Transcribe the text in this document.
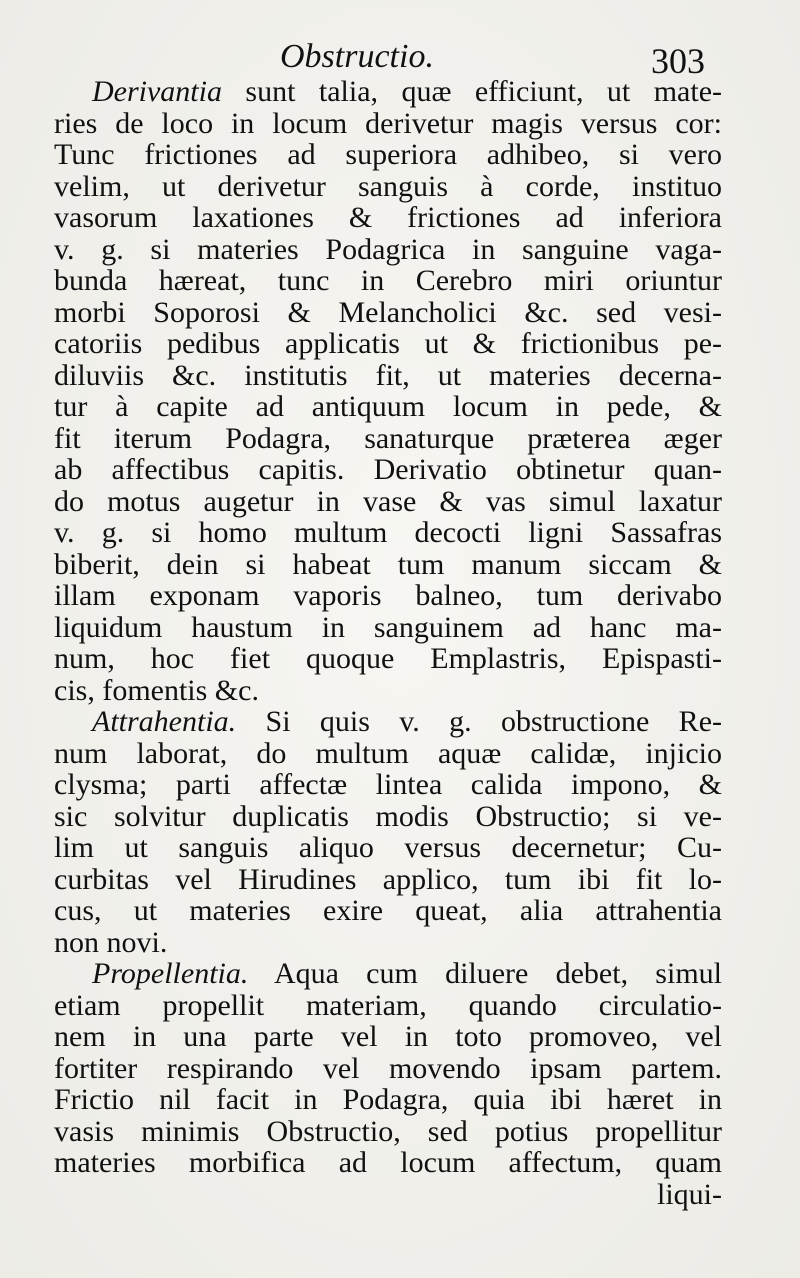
Obstructio.	303
Derivantia sunt talia, quæ efficiunt, ut mate-
ries de loco in locum derivetur magis versus cor:
Tunc frictiones ad superiora adhibeo, si vero
velim, ut derivetur sanguis à corde, instituo
vasorum laxationes & frictiones ad inferiora
v. g. si materies Podagrica in sanguine vaga-
bunda hæreat, tunc in Cerebro miri oriuntur
morbi Soporosi & Melancholici &c. sed vesi-
catoriis pedibus applicatis ut & frictionibus pe-
diluviis &c. institutis fit, ut materies decerna-
tur à capite ad antiquum locum in pede, &
fit iterum Podagra, sanaturque præterea æger
ab affectibus capitis. Derivatio obtinetur quan-
do motus augetur in vase & vas simul laxatur
v. g. si homo multum decocti ligni Sassafras
biberit, dein si habeat tum manum siccam &
illam exponam vaporis balneo, tum derivabo
liquidum haustum in sanguinem ad hanc ma-
num, hoc fiet quoque Emplastris, Epispasti-
cis, fomentis &c.
Attrahentia. Si quis v. g. obstructione Re-
num laborat, do multum aquæ calidæ, injicio
clysma; parti affectæ lintea calida impono, &
sic solvitur duplicatis modis Obstructio; si ve-
lim ut sanguis aliquo versus decernetur; Cu-
curbitas vel Hirudines applico, tum ibi fit lo-
cus, ut materies exire queat, alia attrahentia
non novi.
Propellentia. Aqua cum diluere debet, simul
etiam propellit materiam, quando circulatio-
nem in una parte vel in toto promoveo, vel
fortiter respirando vel movendo ipsam partem.
Frictio nil facit in Podagra, quia ibi hæret in
vasis minimis Obstructio, sed potius propellitur
materies morbifica ad locum affectum, quam
liqui-
